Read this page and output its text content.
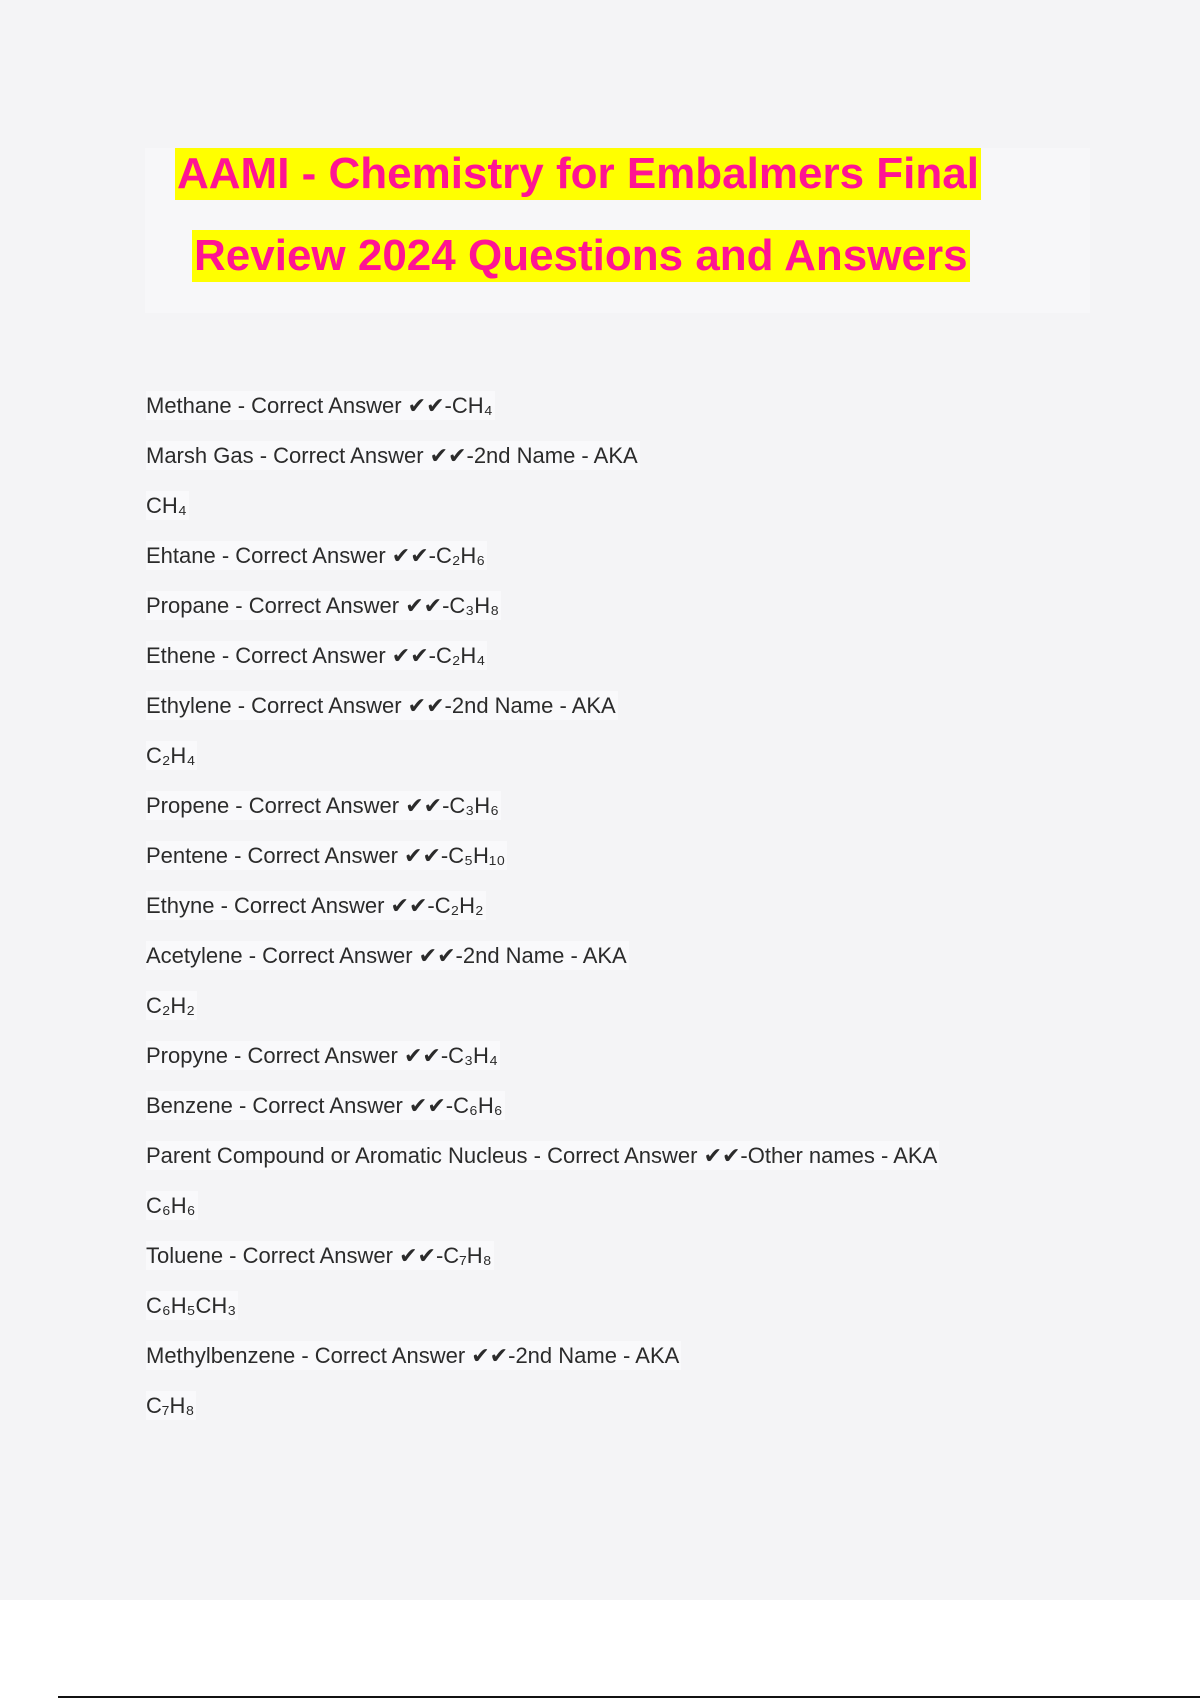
AAMI - Chemistry for Embalmers Final
Review 2024 Questions and Answers

Methane - Correct Answer ✔✔-CH₄

Marsh Gas - Correct Answer ✔✔-2nd Name - AKA

CH₄

Ehtane - Correct Answer ✔✔-C₂H₆

Propane - Correct Answer ✔✔-C₃H₈

Ethene - Correct Answer ✔✔-C₂H₄

Ethylene - Correct Answer ✔✔-2nd Name - AKA

C₂H₄

Propene - Correct Answer ✔✔-C₃H₆

Pentene - Correct Answer ✔✔-C₅H₁₀

Ethyne - Correct Answer ✔✔-C₂H₂

Acetylene - Correct Answer ✔✔-2nd Name - AKA

C₂H₂

Propyne - Correct Answer ✔✔-C₃H₄

Benzene - Correct Answer ✔✔-C₆H₆

Parent Compound or Aromatic Nucleus - Correct Answer ✔✔-Other names - AKA

C₆H₆

Toluene - Correct Answer ✔✔-C₇H₈

C₆H₅CH₃

Methylbenzene - Correct Answer ✔✔-2nd Name - AKA

C₇H₈
